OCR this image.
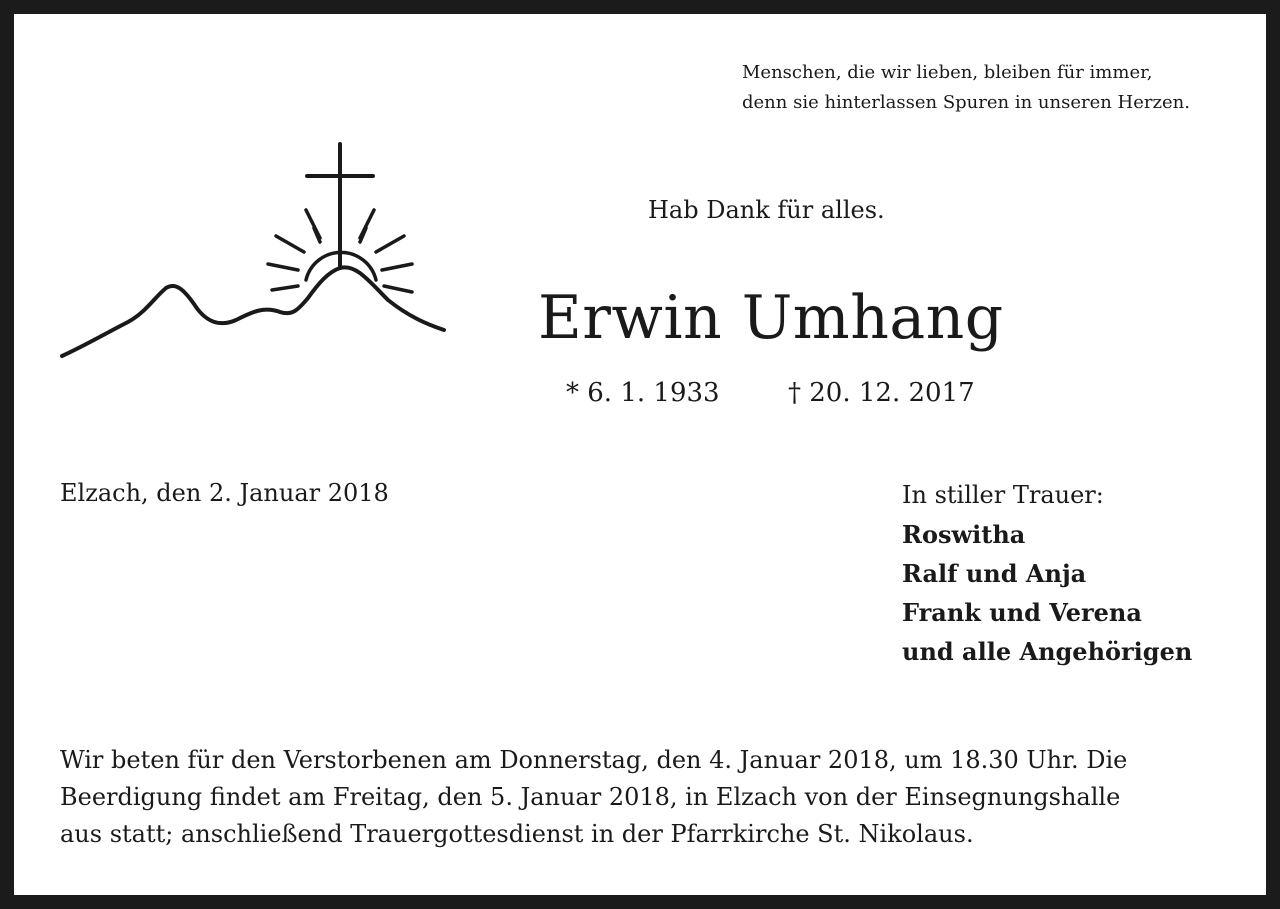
Menschen, die wir lieben, bleiben für immer,
denn sie hinterlassen Spuren in unseren Herzen.
Hab Dank für alles.
Erwin Umhang
* 6. 1. 1933	† 20. 12. 2017
Elzach, den 2. Januar 2018	In stiller Trauer:
Roswitha
Ralf und Anja
Frank und Verena
und alle Angehörigen
Wir beten für den Verstorbenen am Donnerstag, den 4. Januar 2018, um 18.30 Uhr. Die
Beerdigung findet am Freitag, den 5. Januar 2018, in Elzach von der Einsegnungshalle
aus statt; anschließend Trauergottesdienst in der Pfarrkirche St. Nikolaus.
